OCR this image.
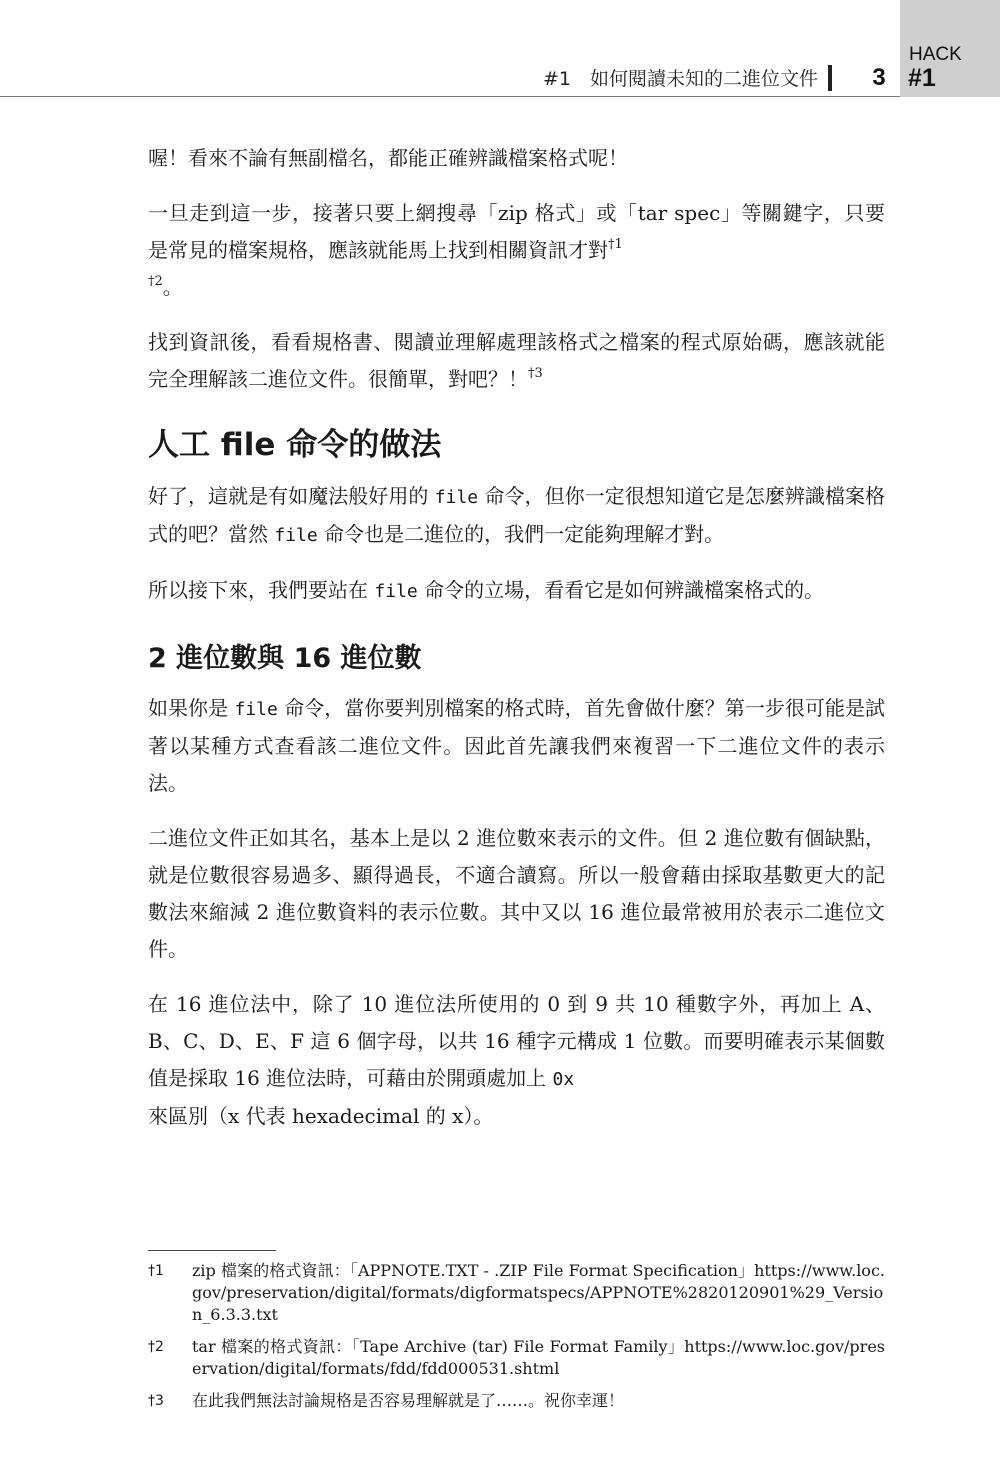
#1　如何閱讀未知的二進位文件	3
HACK
#1

喔！看來不論有無副檔名，都能正確辨識檔案格式呢！

一旦走到這一步，接著只要上網搜尋「zip 格式」或「tar spec」等關鍵字，只要是常見的檔案規格，應該就能馬上找到相關資訊才對$^{\dagger 1}$
$^{\dagger 2}$。

找到資訊後，看看規格書、閱讀並理解處理該格式之檔案的程式原始碼，應該就能完全理解該二進位文件。很簡單，對吧？！$^{\dagger 3}$

人工 file 命令的做法

好了，這就是有如魔法般好用的 file 命令，但你一定很想知道它是怎麼辨識檔案格式的吧？當然 file 命令也是二進位的，我們一定能夠理解才對。

所以接下來，我們要站在 file 命令的立場，看看它是如何辨識檔案格式的。

2 進位數與 16 進位數

如果你是 file 命令，當你要判別檔案的格式時，首先會做什麼？第一步很可能是試著以某種方式查看該二進位文件。因此首先讓我們來複習一下二進位文件的表示法。

二進位文件正如其名，基本上是以 2 進位數來表示的文件。但 2 進位數有個缺點，就是位數很容易過多、顯得過長，不適合讀寫。所以一般會藉由採取基數更大的記數法來縮減 2 進位數資料的表示位數。其中又以 16 進位最常被用於表示二進位文件。

在 16 進位法中，除了 10 進位法所使用的 0 到 9 共 10 種數字外，再加上 A、B、C、D、E、F 這 6 個字母，以共 16 種字元構成 1 位數。而要明確表示某個數值是採取 16 進位法時，可藉由於開頭處加上 0x
來區別（x 代表 hexadecimal 的 x）。

†1	zip 檔案的格式資訊：「APPNOTE.TXT - .ZIP File Format Specification」https://www.loc.gov/preservation/digital/formats/digformatspecs/APPNOTE%2820120901%29_Version_6.3.3.txt
†2	tar 檔案的格式資訊：「Tape Archive (tar) File Format Family」https://www.loc.gov/preservation/digital/formats/fdd/fdd000531.shtml
†3	在此我們無法討論規格是否容易理解就是了……。祝你幸運！
